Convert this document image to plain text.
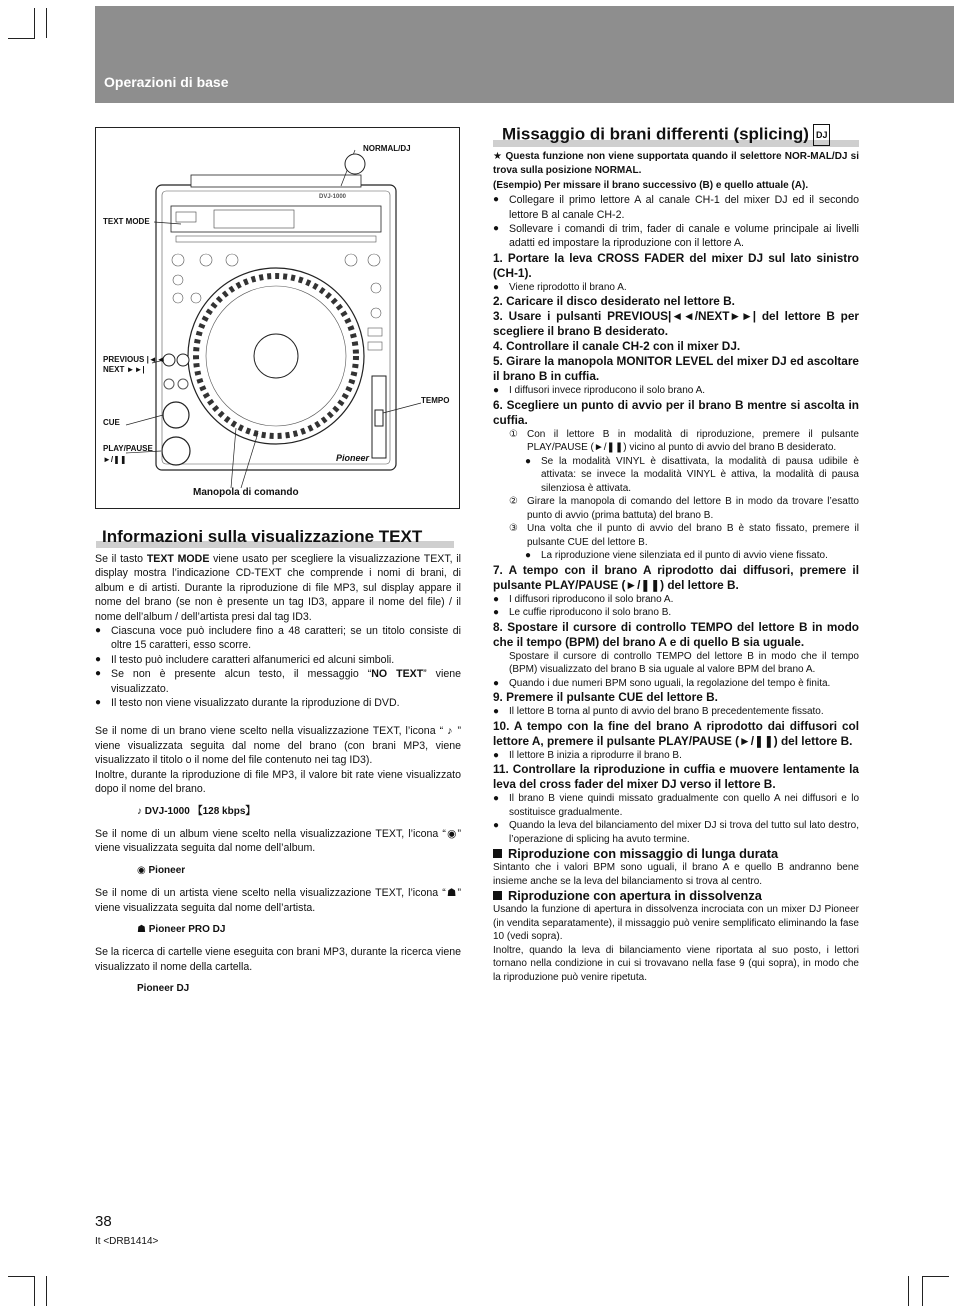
Operazioni di base
NORMAL/DJ
TEXT MODE
PREVIOUS |◄◄
NEXT ►►|
CUE
PLAY/PAUSE
►/❚❚
TEMPO
Manopola di comando
DVJ-1000
Pioneer
Informazioni sulla visualizzazione TEXT

Se il tasto TEXT MODE viene usato per scegliere la visualizzazione TEXT, il display mostra l’indicazione CD-TEXT che comprende i nomi di brani, di album e di artisti. Durante la riproduzione di file MP3, sul display appare il nome del brano (se non è presente un tag ID3, appare il nome del file) / il nome dell’album / dell’artista presi dal tag ID3.

● Ciascuna voce può includere fino a 48 caratteri; se un titolo consiste di oltre 15 caratteri, esso scorre.

● Il testo può includere caratteri alfanumerici ed alcuni simboli.

● Se non è presente alcun testo, il messaggio “NO TEXT” viene visualizzato.

● Il testo non viene visualizzato durante la riproduzione di DVD.

Se il nome di un brano viene scelto nella visualizzazione TEXT, l’icona “ ♪ ” viene visualizzata seguita dal nome del brano (con brani MP3, viene visualizzato il titolo o il nome del file contenuto nei tag ID3).

Inoltre, durante la riproduzione di file MP3, il valore bit rate viene visualizzato dopo il nome del brano.

♪ DVJ-1000 【128 kbps】

Se il nome di un album viene scelto nella visualizzazione TEXT, l’icona “◉” viene visualizzata seguita dal nome dell’album.

◉ Pioneer

Se il nome di un artista viene scelto nella visualizzazione TEXT, l’icona “☗” viene visualizzata seguita dal nome dell’artista.

☗ Pioneer PRO DJ

Se la ricerca di cartelle viene eseguita con brani MP3, durante la ricerca viene visualizzato il nome della cartella.

Pioneer DJ
Missaggio di brani differenti (splicing) DJ

★ Questa funzione non viene supportata quando il selettore NOR-MAL/DJ si trova sulla posizione NORMAL.

(Esempio) Per missare il brano successivo (B) e quello attuale (A).

● Collegare il primo lettore A al canale CH-1 del mixer DJ ed il secondo lettore B al canale CH-2.

● Sollevare i comandi di trim, fader di canale e volume principale ai livelli adatti ed impostare la riproduzione con il lettore A.

1. Portare la leva CROSS FADER del mixer DJ sul lato sinistro (CH-1).

● Viene riprodotto il brano A.

2. Caricare il disco desiderato nel lettore B.

3. Usare i pulsanti PREVIOUS|◄◄/NEXT►►| del lettore B per scegliere il brano B desiderato.

4. Controllare il canale CH-2 con il mixer DJ.

5. Girare la manopola MONITOR LEVEL del mixer DJ ed ascoltare il brano B in cuffia.

● I diffusori invece riproducono il solo brano A.

6. Scegliere un punto di avvio per il brano B mentre si ascolta in cuffia.

① Con il lettore B in modalità di riproduzione, premere il pulsante PLAY/PAUSE (►/❚❚) vicino al punto di avvio del brano B desiderato.

● Se la modalità VINYL è disattivata, la modalità di pausa udibile è attivata: se invece la modalità VINYL è attiva, la modalità di pausa silenziosa è attivata.

② Girare la manopola di comando del lettore B in modo da trovare l’esatto punto di avvio (prima battuta) del brano B.

③ Una volta che il punto di avvio del brano B è stato fissato, premere il pulsante CUE del lettore B.

● La riproduzione viene silenziata ed il punto di avvio viene fissato.

7. A tempo con il brano A riprodotto dai diffusori, premere il pulsante PLAY/PAUSE (►/❚❚) del lettore B.

● I diffusori riproducono il solo brano A.

● Le cuffie riproducono il solo brano B.

8. Spostare il cursore di controllo TEMPO del lettore B in modo che il tempo (BPM) del brano A e di quello B sia uguale.

Spostare il cursore di controllo TEMPO del lettore B in modo che il tempo (BPM) visualizzato del brano B sia uguale al valore BPM del brano A.

● Quando i due numeri BPM sono uguali, la regolazione del tempo è finita.

9. Premere il pulsante CUE del lettore B.

● Il lettore B torna al punto di avvio del brano B precedentemente fissato.

10. A tempo con la fine del brano A riprodotto dai diffusori col lettore A, premere il pulsante PLAY/PAUSE (►/❚❚) del lettore B.

● Il lettore B inizia a riprodurre il brano B.

11. Controllare la riproduzione in cuffia e muovere lentamente la leva del cross fader del mixer DJ verso il lettore B.

● Il brano B viene quindi missato gradualmente con quello A nei diffusori e lo sostituisce gradualmente.

● Quando la leva del bilanciamento del mixer DJ si trova del tutto sul lato destro, l’operazione di splicing ha avuto termine.

Riproduzione con missaggio di lunga durata

Sintanto che i valori BPM sono uguali, il brano A e quello B andranno bene insieme anche se la leva del bilanciamento si trova al centro.

Riproduzione con apertura in dissolvenza

Usando la funzione di apertura in dissolvenza incrociata con un mixer DJ Pioneer (in vendita separatamente), il missaggio può venire semplificato eliminando la fase 10 (vedi sopra).

Inoltre, quando la leva di bilanciamento viene riportata al suo posto, i lettori tornano nella condizione in cui si trovavano nella fase 9 (qui sopra), in modo che la riproduzione può venire ripetuta.

38
It <DRB1414>
